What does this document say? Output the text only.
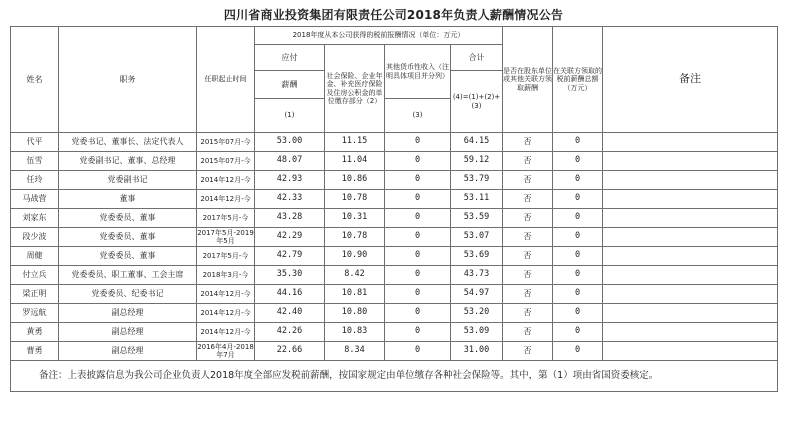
四川省商业投资集团有限责任公司2018年负责人薪酬情况公告
姓名	职务	任职起止时间	2018年度从本公司获得的税前报酬情况（单位：万元）				是否在股东单位或其他关联方领取薪酬	在关联方领取的税前薪酬总额（万元）	备注
			应付	社会保险、企业年金、补充医疗保险及住房公积金的单位缴存部分（2）	其他货币性收入（注明具体项目并分列）	合计			
			薪酬			(4)=(1)+(2)+(3)			
			(1)		(3)				
代平	党委书记、董事长、法定代表人	2015年07月-今	53.00	11.15	0	64.15	否	0	
伍雪	党委副书记、董事、总经理	2015年07月-今	48.07	11.04	0	59.12	否	0	
任玲	党委副书记	2014年12月-今	42.93	10.86	0	53.79	否	0	
马战营	董事	2014年12月-今	42.33	10.78	0	53.11	否	0	
刘家东	党委委员、董事	2017年5月-今	43.28	10.31	0	53.59	否	0	
段少波	党委委员、董事	2017年5月-2019年5月	42.29	10.78	0	53.07	否	0	
周健	党委委员、董事	2017年5月-今	42.79	10.90	0	53.69	否	0	
付立兵	党委委员、职工董事、工会主席	2018年3月-今	35.30	8.42	0	43.73	否	0	
梁正明	党委委员、纪委书记	2014年12月-今	44.16	10.81	0	54.97	否	0	
罗远航	副总经理	2014年12月-今	42.40	10.80	0	53.20	否	0	
黄勇	副总经理	2014年12月-今	42.26	10.83	0	53.09	否	0	
曹勇	副总经理	2016年4月-2018年7月	22.66	8.34	0	31.00	否	0	
备注：上表披露信息为我公司企业负责人2018年度全部应发税前薪酬，按国家规定由单位缴存各种社会保险等。其中，第（1）项由省国资委核定。									
